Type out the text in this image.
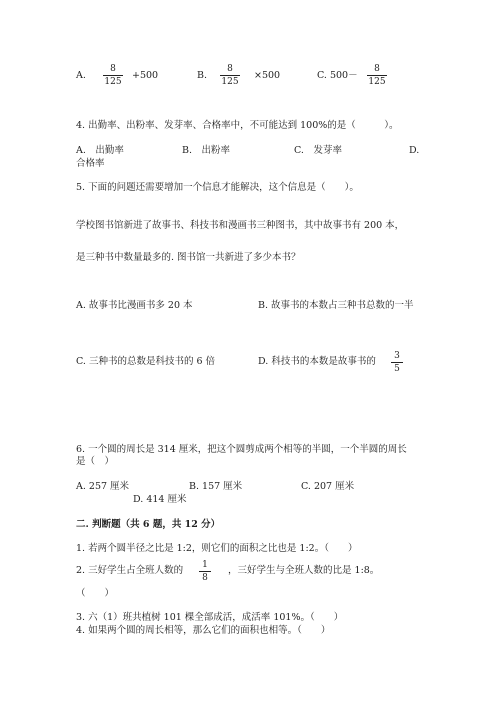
A. $\frac{8}{125} +500$	B. $\frac{8}{125} \times 500$	C. $500- \frac{8}{125}$
4. 出勤率、出粉率、发芽率、合格率中，不可能达到 100%的是（　　　）。
A.　出勤率	B.　出粉率	C.　发芽率	D.
合格率
5. 下面的问题还需要增加一个信息才能解决，这个信息是（　　）。
学校图书馆新进了故事书、科技书和漫画书三种图书，其中故事书有 200 本，
是三种书中数量最多的. 图书馆一共新进了多少本书？
A. 故事书比漫画书多 20 本	B. 故事书的本数占三种书总数的一半
C. 三种书的总数是科技书的 6 倍	D. 科技书的本数是故事书的 $\frac{3}{5}$
6. 一个圆的周长是 314 厘米，把这个圆剪成两个相等的半圆，一个半圆的周长
是（　）
A. 257 厘米	B. 157 厘米	C. 207 厘米
D. 414 厘米
二. 判断题（共 6 题，共 12 分）
1. 若两个圆半径之比是 1:2，则它们的面积之比也是 1:2。（　　）
2. 三好学生占全班人数的 $\frac{1}{8}$ ，三好学生与全班人数的比是 1:8。
（　　）
3. 六（1）班共植树 101 棵全部成活，成活率 101%。（　　）
4. 如果两个圆的周长相等，那么它们的面积也相等。（　　）
